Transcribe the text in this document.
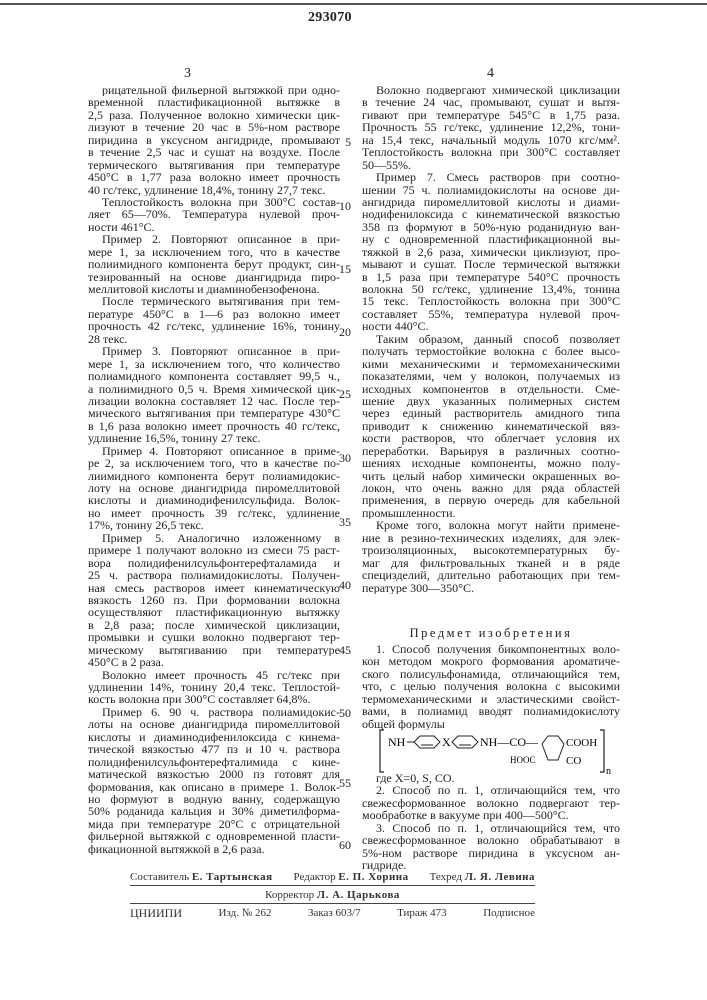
293070
3	4
рицательной фильерной вытяжкой при одно-
временной пластификационной вытяжке в
2,5 раза. Полученное волокно химически цик-
лизуют в течение 20 час в 5%-ном растворе
пиридина в уксусном ангидриде, промывают
в течение 2,5 час и сушат на воздухе. После
термического вытягивания при температуре
450°С в 1,77 раза волокно имеет прочность
40 гс/текс, удлинение 18,4%, тонину 27,7 текс.
Теплостойкость волокна при 300°С состав-
ляет 65—70%. Температура нулевой проч-
ности 461°С.
Пример 2. Повторяют описанное в при-
мере 1, за исключением того, что в качестве
полиимидного компонента берут продукт, син-
тезированный на основе диангидрида пиро-
меллитовой кислоты и диаминобензофенона.
После термического вытягивания при тем-
пературе 450°С в 1—6 раз волокно имеет
прочность 42 гс/текс, удлинение 16%, тонину
28 текс.
Пример 3. Повторяют описанное в при-
мере 1, за исключением того, что количество
полиамидного компонента составляет 99,5 ч.,
а полиимидного 0,5 ч. Время химической цик-
лизации волокна составляет 12 час. После тер-
мического вытягивания при температуре 430°С
в 1,6 раза волокно имеет прочность 40 гс/текс,
удлинение 16,5%, тонину 27 текс.
Пример 4. Повторяют описанное в приме-
ре 2, за исключением того, что в качестве по-
лиимидного компонента берут полиамидокис-
лоту на основе диангидрида пиромеллитовой
кислоты и диаминодифенилсульфида. Волок-
но имеет прочность 39 гс/текс, удлинение
17%, тонину 26,5 текс.
Пример 5. Аналогично изложенному в
примере 1 получают волокно из смеси 75 раст-
вора полидифенилсульфонтерефталамида и
25 ч. раствора полиамидокислоты. Получен-
ная смесь растворов имеет кинематическую
вязкость 1260 пз. При формовании волокна
осуществляют пластификационную вытяжку
в 2,8 раза; после химической циклизации,
промывки и сушки волокно подвергают тер-
мическому вытягиванию при температуре
450°С в 2 раза.
Волокно имеет прочность 45 гс/текс при
удлинении 14%, тонину 20,4 текс. Теплостой-
кость волокна при 300°С составляет 64,8%.
Пример 6. 90 ч. раствора полиамидокис-
лоты на основе диангидрида пиромеллитовой
кислоты и диаминодифенилоксида с кинема-
тической вязкостью 477 пз и 10 ч. раствора
полидифенилсульфонтерефталимида с кине-
матической вязкостью 2000 пз готовят для
формования, как описано в примере 1. Волок-
но формуют в водную ванну, содержащую
50% роданида кальция и 30% диметилформа-
мида при температуре 20°С с отрицательной
фильерной вытяжкой с одновременной пласти-
фикационной вытяжкой в 2,6 раза.
Волокно подвергают химической циклизации
в течение 24 час, промывают, сушат и вытя-
гивают при температуре 545°С в 1,75 раза.
Прочность 55 гс/текс, удлинение 12,2%, тони-
на 15,4 текс, начальный модуль 1070 кгс/мм².
Теплостойкость волокна при 300°С составляет
50—55%.
Пример 7. Смесь растворов при соотно-
шении 75 ч. полиамидокислоты на основе ди-
ангидрида пиромеллитовой кислоты и диами-
нодифенилоксида с кинематической вязкостью
358 пз формуют в 50%-ную роданидную ван-
ну с одновременной пластификационной вы-
тяжкой в 2,6 раза, химически циклизуют, про-
мывают и сушат. После термической вытяжки
в 1,5 раза при температуре 540°С прочность
волокна 50 гс/текс, удлинение 13,4%, тонина
15 текс. Теплостойкость волокна при 300°С
составляет 55%, температура нулевой проч-
ности 440°С.
Таким образом, данный способ позволяет
получать термостойкие волокна с более высо-
кими механическими и термомеханическими
показателями, чем у волокон, получаемых из
исходных компонентов в отдельности. Сме-
шение двух указанных полимерных систем
через единый растворитель амидного типа
приводит к снижению кинематической вяз-
кости растворов, что облегчает условия их
переработки. Варьируя в различных соотно-
шениях исходные компоненты, можно полу-
чить целый набор химически окрашенных во-
локон, что очень важно для ряда областей
применения, в первую очередь для кабельной
промышленности.
Кроме того, волокна могут найти примене-
ние в резино-технических изделиях, для элек-
троизоляционных, высокотемпературных бу-
маг для фильтровальных тканей и в ряде
специзделий, длительно работающих при тем-
пературе 300—350°С.
5
10
15
20
25
30
35
40
45
50
55
60
Предмет изобретения
1. Способ получения бикомпонентных воло-
кон методом мокрого формования ароматиче-
ского полисульфонамида, отличающийся тем,
что, с целью получения волокна с высокими
термомеханическими и эластическими свойст-
вами, в полиамид вводят полиамидокислоту
общей формулы
NH	X NH—CO—	COOH
HOOC	CO
n
где X=0, S, CO.
2. Способ по п. 1, отличающийся тем, что
свежесформованное волокно подвергают тер-
мообработке в вакууме при 400—500°С.
3. Способ по п. 1, отличающийся тем, что
свежесформованное волокно обрабатывают в
5%-ном растворе пиридина в уксусном ан-
гидриде.
Составитель Е. Тартынская Редактор Е. П. Хорина Техред Л. Я. Левина
Корректор Л. А. Царькова
ЦНИИПИ	Изд. № 262	Заказ 603/7	Тираж 473	Подписное
